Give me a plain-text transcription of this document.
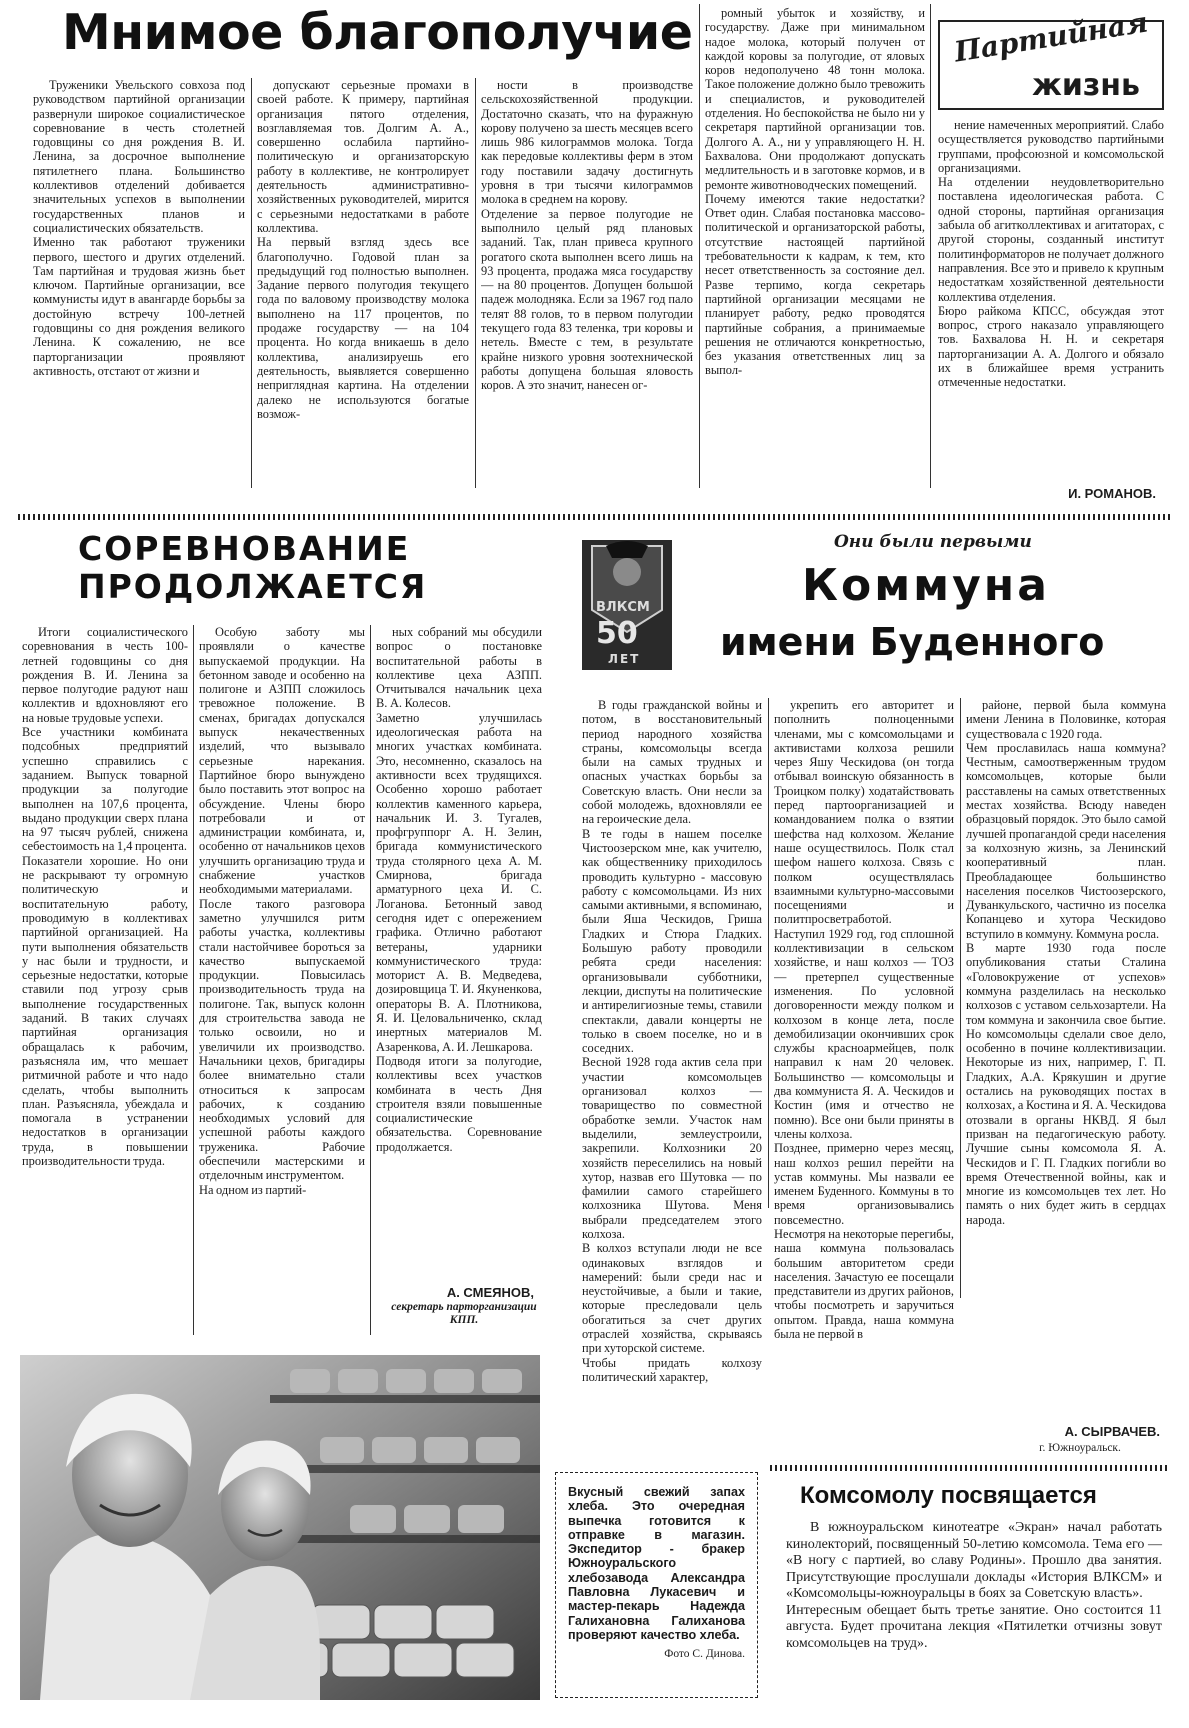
Мнимое благополучие	Партийная
жизнь
Труженики Увельского совхоза под руководством партийной организации развернули широкое социалистическое соревнование в честь столетней годовщины со дня рождения В. И. Ленина, за досрочное выполнение пятилетнего плана. Большинство коллективов отделений добивается значительных успехов в выполнении государственных планов и социалистических обязательств.
Именно так работают труженики первого, шестого и других отделений. Там партийная и трудовая жизнь бьет ключом. Партийные организации, все коммунисты идут в авангарде борьбы за достойную встречу 100-летней годовщины со дня рождения великого Ленина. К сожалению, не все парторганизации проявляют активность, отстают от жизни и
допускают серьезные промахи в своей работе. К примеру, партийная организация пятого отделения, возглавляемая тов. Долгим А. А., совершенно ослабила партийно-политическую и организаторскую работу в коллективе, не контролирует деятельность административно-хозяйственных руководителей, мирится с серьезными недостатками в работе коллектива.
На первый взгляд здесь все благополучно. Годовой план за предыдущий год полностью выполнен. Задание первого полугодия текущего года по валовому производству молока выполнено на 117 процентов, по продаже государству — на 104 процента. Но когда вникаешь в дело коллектива, анализируешь его деятельность, выявляется совершенно неприглядная картина. На отделении далеко не используются богатые возмож-
ности в производстве сельскохозяйственной продукции. Достаточно сказать, что на фуражную корову получено за шесть месяцев всего лишь 986 килограммов молока. Тогда как передовые коллективы ферм в этом году поставили задачу достигнуть уровня в три тысячи килограммов молока в среднем на корову.
Отделение за первое полугодие не выполнило целый ряд плановых заданий. Так, план привеса крупного рогатого скота выполнен всего лишь на 93 процента, продажа мяса государству — на 80 процентов. Допущен большой падеж молодняка. Если за 1967 год пало телят 88 голов, то в первом полугодии текущего года 83 теленка, три коровы и нетель. Вместе с тем, в результате крайне низкого уровня зоотехнической работы допущена большая яловость коров. А это значит, нанесен ог-
ромный убыток и хозяйству, и государству. Даже при минимальном надое молока, который получен от каждой коровы за полугодие, от яловых коров недополучено 48 тонн молока. Такое положение должно было тревожить и специалистов, и руководителей отделения. Но беспокойства не было ни у секретаря партийной организации тов. Долгого А. А., ни у управляющего Н. Н. Бахвалова. Они продолжают допускать медлительность и в заготовке кормов, и в ремонте животноводческих помещений.
Почему имеются такие недостатки? Ответ один. Слабая постановка массово-политической и организаторской работы, отсутствие настоящей партийной требовательности к кадрам, к тем, кто несет ответственность за состояние дел. Разве терпимо, когда секретарь партийной организации месяцами не планирует работу, редко проводятся партийные собрания, а принимаемые решения не отличаются конкретностью, без указания ответственных лиц за выпол-
нение намеченных мероприятий. Слабо осуществляется руководство партийными группами, профсоюзной и комсомольской организациями.
На отделении неудовлетворительно поставлена идеологическая работа. С одной стороны, партийная организация забыла об агитколлективах и агитаторах, с другой стороны, созданный институт политинформаторов не получает должного направления. Все это и привело к крупным недостаткам хозяйственной деятельности коллектива отделения.
Бюро райкома КПСС, обсуждая этот вопрос, строго наказало управляющего тов. Бахвалова Н. Н. и секретаря парторганизации А. А. Долгого и обязало их в ближайшее время устранить отмеченные недостатки.
И. РОМАНОВ.
СОРЕВНОВАНИЕ
ПРОДОЛЖАЕТСЯ
Итоги социалистического соревнования в честь 100-летней годовщины со дня рождения В. И. Ленина за первое полугодие радуют наш коллектив и вдохновляют его на новые трудовые успехи.
Все участники комбината подсобных предприятий успешно справились с заданием. Выпуск товарной продукции за полугодие выполнен на 107,6 процента, выдано продукции сверх плана на 97 тысяч рублей, снижена себестоимость на 1,4 процента.
Показатели хорошие. Но они не раскрывают ту огромную политическую и воспитательную работу, проводимую в коллективах партийной организацией. На пути выполнения обязательств у нас были и трудности, и серьезные недостатки, которые ставили под угрозу срыв выполнение государственных заданий. В таких случаях партийная организация обращалась к рабочим, разъясняла им, что мешает ритмичной работе и что надо сделать, чтобы выполнить план. Разъясняла, убеждала и помогала в устранении недостатков в организации труда, в повышении производительности труда.
Особую заботу мы проявляли о качестве выпускаемой продукции. На бетонном заводе и особенно на полигоне и АЗПП сложилось тревожное положение. В сменах, бригадах допускался выпуск некачественных изделий, что вызывало серьезные нарекания. Партийное бюро вынуждено было поставить этот вопрос на обсуждение. Члены бюро потребовали и от администрации комбината, и, особенно от начальников цехов улучшить организацию труда и снабжение участков необходимыми материалами.
После такого разговора заметно улучшился ритм работы участка, коллективы стали настойчивее бороться за качество выпускаемой продукции. Повысилась производительность труда на полигоне. Так, выпуск колонн для строительства завода не только освоили, но и увеличили их производство. Начальники цехов, бригадиры более внимательно стали относиться к запросам рабочих, к созданию необходимых условий для успешной работы каждого труженика. Рабочие обеспечили мастерскими и отделочным инструментом.
На одном из партий-
ных собраний мы обсудили вопрос о постановке воспитательной работы в коллективе цеха АЗПП. Отчитывался начальник цеха В. А. Колесов.
Заметно улучшилась идеологическая работа на многих участках комбината. Это, несомненно, сказалось на активности всех трудящихся. Особенно хорошо работает коллектив каменного карьера, начальник И. З. Тугалев, профгруппорг А. Н. Зелин, бригада коммунистического труда столярного цеха А. М. Смирнова, бригада арматурного цеха И. С. Логанова. Бетонный завод сегодня идет с опережением графика. Отлично работают ветераны, ударники коммунистического труда: моторист А. В. Медведева, дозировщица Т. И. Якуненкова, операторы В. А. Плотникова, Я. И. Целовальниченко, склад инертных материалов М. Азаренкова, А. И. Лешкарова.
Подводя итоги за полугодие, коллективы всех участков комбината в честь Дня строителя взяли повышенные социалистические обязательства. Соревнование продолжается.
А. СМЕЯНОВ,
секретарь парторганизации КПП.
ВЛКСМ
50
ЛЕТ
Они были первыми
Коммуна
имени Буденного
В годы гражданской войны и потом, в восстановительный период народного хозяйства страны, комсомольцы всегда были на самых трудных и опасных участках борьбы за Советскую власть. Они несли за собой молодежь, вдохновляли ее на героические дела.
В те годы в нашем поселке Чистоозерском мне, как учителю, как общественнику приходилось проводить культурно - массовую работу с комсомольцами. Из них самыми активными, я вспоминаю, были Яша Ческидов, Гриша Гладких и Стюра Гладких. Большую работу проводили ребята среди населения: организовывали субботники, лекции, диспуты на политические и антирелигиозные темы, ставили спектакли, давали концерты не только в своем поселке, но и в соседних.
Весной 1928 года актив села при участии комсомольцев организовал колхоз — товарищество по совместной обработке земли. Участок нам выделили, землеустроили, закрепили. Колхозники 20 хозяйств переселились на новый хутор, назвав его Шутовка — по фамилии самого старейшего колхозника Шутова. Меня выбрали председателем этого колхоза.
В колхоз вступали люди не все одинаковых взглядов и намерений: были среди нас и неустойчивые, а были и такие, которые преследовали цель обогатиться за счет других отраслей хозяйства, скрываясь при хуторской системе.
Чтобы придать колхозу политический характер,
укрепить его авторитет и пополнить полноценными членами, мы с комсомольцами и активистами колхоза решили через Яшу Ческидова (он тогда отбывал воинскую обязанность в Троицком полку) ходатайствовать перед партоорганизацией и командованием полка о взятии шефства над колхозом. Желание наше осуществилось. Полк стал шефом нашего колхоза. Связь с полком осуществлялась взаимными культурно-массовыми посещениями и политпросветработой.
Наступил 1929 год, год сплошной коллективизации в сельском хозяйстве, и наш колхоз — ТОЗ — претерпел существенные изменения. По условной договоренности между полком и колхозом в конце лета, после демобилизации окончивших срок службы красноармейцев, полк направил к нам 20 человек. Большинство — комсомольцы и два коммуниста Я. А. Ческидов и Костин (имя и отчество не помню). Все они были приняты в члены колхоза.
Позднее, примерно через месяц, наш колхоз решил перейти на устав коммуны. Мы назвали ее именем Буденного. Коммуны в то время организовывались повсеместно.
Несмотря на некоторые перегибы, наша коммуна пользовалась большим авторитетом среди населения. Зачастую ее посещали представители из других районов, чтобы посмотреть и заручиться опытом. Правда, наша коммуна была не первой в
районе, первой была коммуна имени Ленина в Половинке, которая существовала с 1920 года.
Чем прославилась наша коммуна? Честным, самоотверженным трудом комсомольцев, которые были расставлены на самых ответственных местах хозяйства. Всюду наведен образцовый порядок. Это было самой лучшей пропагандой среди населения за колхозную жизнь, за Ленинский кооперативный план. Преобладающее большинство населения поселков Чистоозерского, Дуванкульского, частично из поселка Копанцево и хутора Ческидово вступило в коммуну. Коммуна росла.
В марте 1930 года после опубликования статьи Сталина «Головокружение от успехов» коммуна разделилась на несколько колхозов с уставом сельхозартели. На том коммуна и закончила свое бытие. Но комсомольцы сделали свое дело, особенно в почине коллективизации. Некоторые из них, например, Г. П. Гладких, А.А. Крякушин и другие остались на руководящих постах в колхозах, а Костина и Я. А. Ческидова отозвали в органы НКВД. Я был призван на педагогическую работу. Лучшие сыны комсомола Я. А. Ческидов и Г. П. Гладких погибли во время Отечественной войны, как и многие из комсомольцев тех лет. Но память о них будет жить в сердцах народа.
А. СЫРВАЧЕВ.
г. Южноуральск.
Вкусный свежий запах хлеба. Это очередная выпечка готовится к отправке в магазин. Экспедитор - бракер Южноуральского хлебозавода Александра Павловна Лукасевич и мастер-пекарь Надежда Галихановна Галиханова проверяют качество хлеба.
Фото С. Динова.
Комсомолу посвящается
В южноуральском кинотеатре «Экран» начал работать кинолекторий, посвященный 50-летию комсомола. Тема его — «В ногу с партией, во славу Родины». Прошло два занятия. Присутствующие прослушали доклады «История ВЛКСМ» и «Комсомольцы-южноуральцы в боях за Советскую власть».
Интересным обещает быть третье занятие. Оно состоится 11 августа. Будет прочитана лекция «Пятилетки отчизны зовут комсомольцев на труд».
